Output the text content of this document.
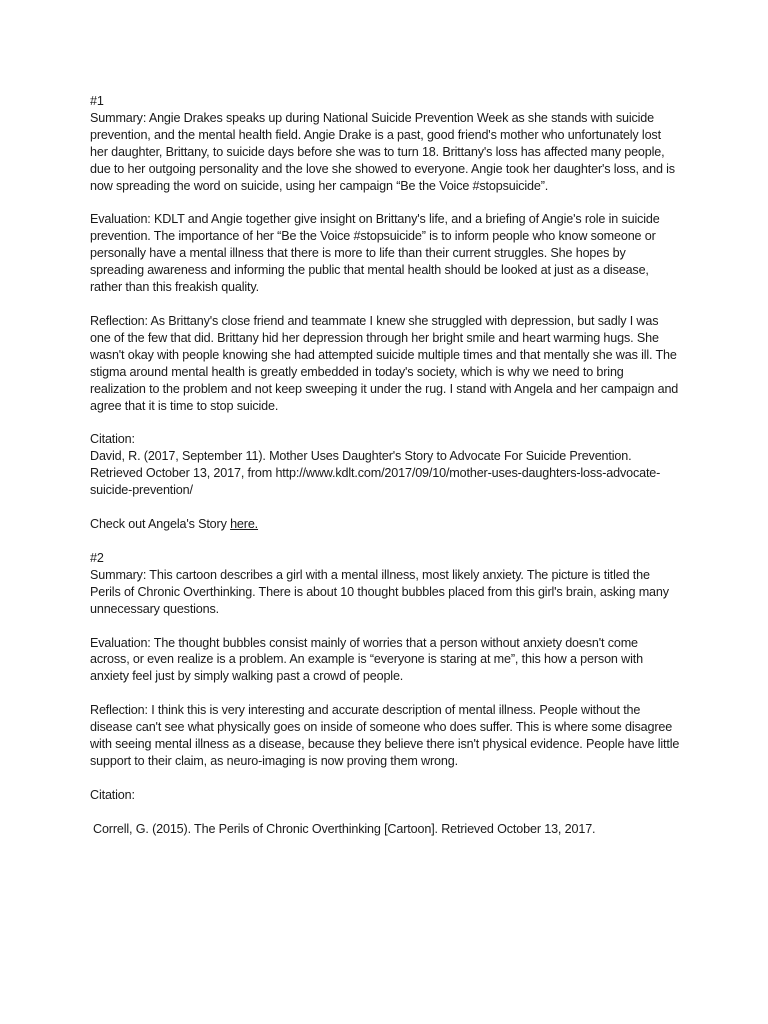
#1

Summary: Angie Drakes speaks up during National Suicide Prevention Week as she stands with suicide prevention, and the mental health field. Angie Drake is a past, good friend's mother who unfortunately lost her daughter, Brittany, to suicide days before she was to turn 18. Brittany's loss has affected many people, due to her outgoing personality and the love she showed to everyone. Angie took her daughter's loss, and is now spreading the word on suicide, using her campaign “Be the Voice #stopsuicide”.

Evaluation: KDLT and Angie together give insight on Brittany's life, and a briefing of Angie's role in suicide prevention. The importance of her “Be the Voice #stopsuicide” is to inform people who know someone or personally have a mental illness that there is more to life than their current struggles. She hopes by spreading awareness and informing the public that mental health should be looked at just as a disease, rather than this freakish quality.

Reflection: As Brittany's close friend and teammate I knew she struggled with depression, but sadly I was one of the few that did. Brittany hid her depression through her bright smile and heart warming hugs. She wasn't okay with people knowing she had attempted suicide multiple times and that mentally she was ill. The stigma around mental health is greatly embedded in today's society, which is why we need to bring realization to the problem and not keep sweeping it under the rug. I stand with Angela and her campaign and agree that it is time to stop suicide.

Citation:

David, R. (2017, September 11). Mother Uses Daughter's Story to Advocate For Suicide Prevention. Retrieved October 13, 2017, from http://www.kdlt.com/2017/09/10/mother-uses-daughters-loss-advocate-suicide-prevention/

Check out Angela's Story here.

#2

Summary: This cartoon describes a girl with a mental illness, most likely anxiety. The picture is titled the Perils of Chronic Overthinking. There is about 10 thought bubbles placed from this girl's brain, asking many unnecessary questions.

Evaluation: The thought bubbles consist mainly of worries that a person without anxiety doesn't come across, or even realize is a problem. An example is “everyone is staring at me”, this how a person with anxiety feel just by simply walking past a crowd of people.

Reflection: I think this is very interesting and accurate description of mental illness. People without the disease can't see what physically goes on inside of someone who does suffer. This is where some disagree with seeing mental illness as a disease, because they believe there isn't physical evidence. People have little support to their claim, as neuro-imaging is now proving them wrong.

Citation:

Correll, G. (2015). The Perils of Chronic Overthinking [Cartoon]. Retrieved October 13, 2017.
